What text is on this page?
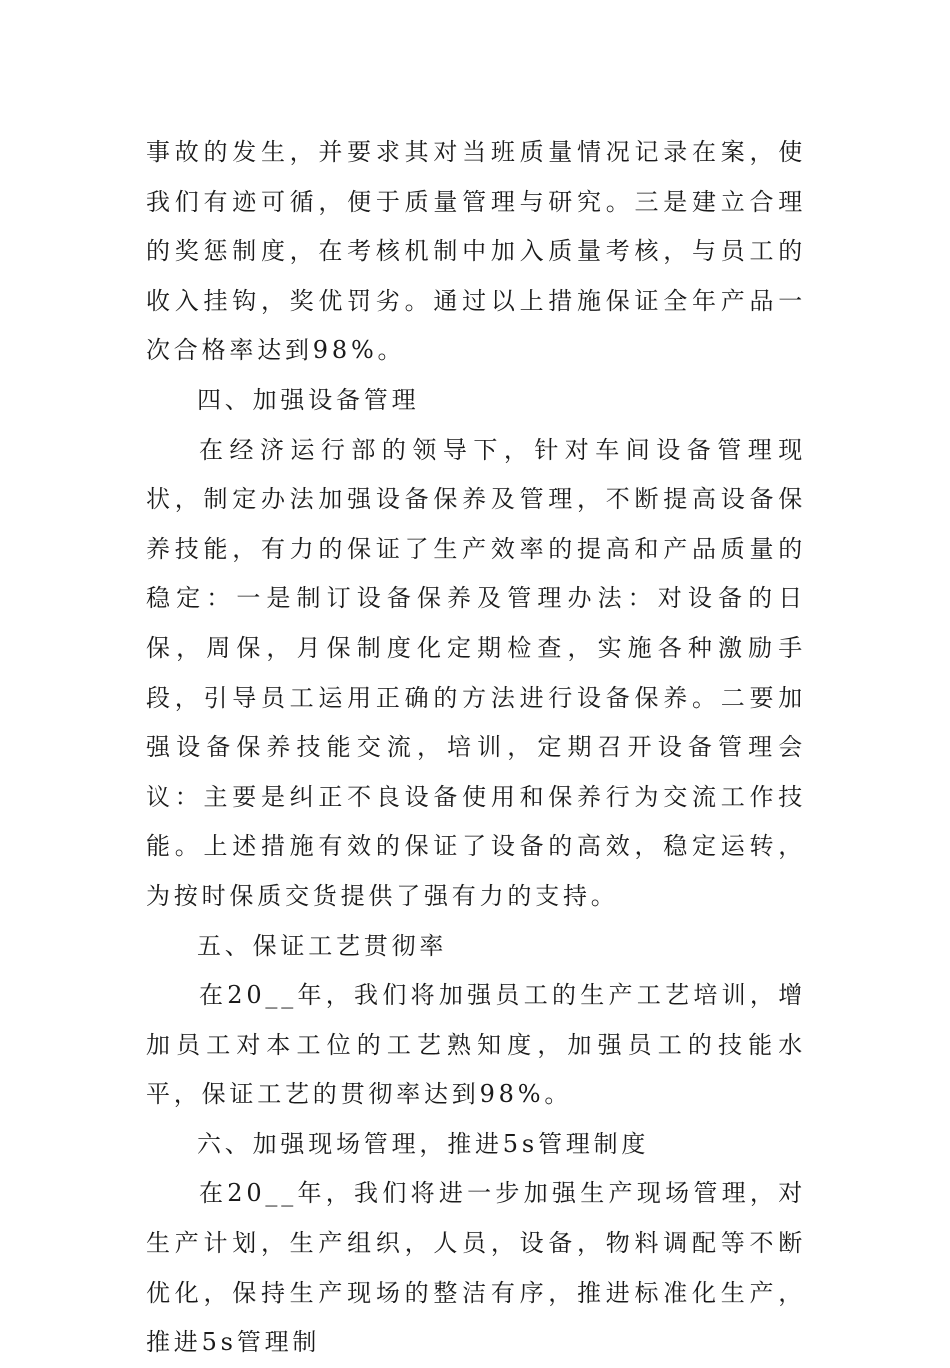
事故的发生，并要求其对当班质量情况记录在案，使我们有迹可循，便于质量管理与研究。三是建立合理的奖惩制度，在考核机制中加入质量考核，与员工的收入挂钩，奖优罚劣。通过以上措施保证全年产品一次合格率达到98%。

四、加强设备管理

在经济运行部的领导下，针对车间设备管理现状，制定办法加强设备保养及管理，不断提高设备保养技能，有力的保证了生产效率的提高和产品质量的稳定：一是制订设备保养及管理办法：对设备的日保，周保，月保制度化定期检查，实施各种激励手段，引导员工运用正确的方法进行设备保养。二要加强设备保养技能交流，培训，定期召开设备管理会议：主要是纠正不良设备使用和保养行为交流工作技能。上述措施有效的保证了设备的高效，稳定运转，为按时保质交货提供了强有力的支持。

五、保证工艺贯彻率

在20__年，我们将加强员工的生产工艺培训，增加员工对本工位的工艺熟知度，加强员工的技能水平，保证工艺的贯彻率达到98%。

六、加强现场管理，推进5s管理制度

在20__年，我们将进一步加强生产现场管理，对生产计划，生产组织，人员，设备，物料调配等不断优化，保持生产现场的整洁有序，推进标准化生产，推进5s管理制
